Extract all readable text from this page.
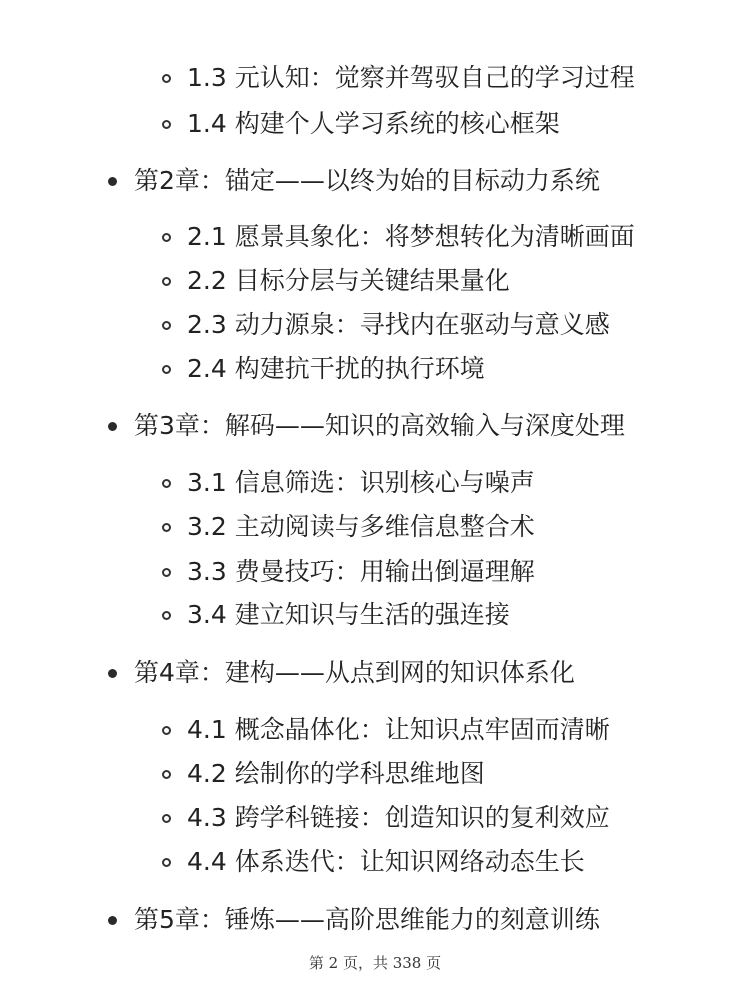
1.3 元认知：觉察并驾驭自己的学习过程
1.4 构建个人学习系统的核心框架
第2章：锚定——以终为始的目标动力系统
2.1 愿景具象化：将梦想转化为清晰画面
2.2 目标分层与关键结果量化
2.3 动力源泉：寻找内在驱动与意义感
2.4 构建抗干扰的执行环境
第3章：解码——知识的高效输入与深度处理
3.1 信息筛选：识别核心与噪声
3.2 主动阅读与多维信息整合术
3.3 费曼技巧：用输出倒逼理解
3.4 建立知识与生活的强连接
第4章：建构——从点到网的知识体系化
4.1 概念晶体化：让知识点牢固而清晰
4.2 绘制你的学科思维地图
4.3 跨学科链接：创造知识的复利效应
4.4 体系迭代：让知识网络动态生长
第5章：锤炼——高阶思维能力的刻意训练
第 2 页，共 338 页
